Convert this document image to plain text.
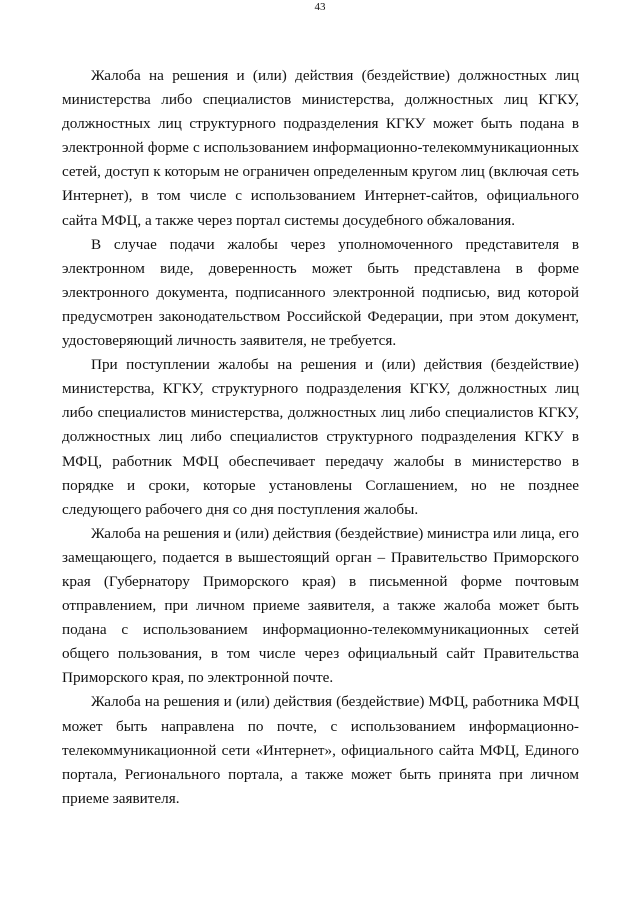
43

Жалоба на решения и (или) действия (бездействие) должностных лиц министерства либо специалистов министерства, должностных лиц КГКУ, должностных лиц структурного подразделения КГКУ может быть подана в электронной форме с использованием информационно-телекоммуникационных сетей, доступ к которым не ограничен определенным кругом лиц (включая сеть Интернет), в том числе с использованием Интернет-сайтов, официального сайта МФЦ, а также через портал системы досудебного обжалования.

В случае подачи жалобы через уполномоченного представителя в электронном виде, доверенность может быть представлена в форме электронного документа, подписанного электронной подписью, вид которой предусмотрен законодательством Российской Федерации, при этом документ, удостоверяющий личность заявителя, не требуется.

При поступлении жалобы на решения и (или) действия (бездействие) министерства, КГКУ, структурного подразделения КГКУ, должностных лиц либо специалистов министерства, должностных лиц либо специалистов КГКУ, должностных лиц либо специалистов структурного подразделения КГКУ в МФЦ, работник МФЦ обеспечивает передачу жалобы в министерство в порядке и сроки, которые установлены Соглашением, но не позднее следующего рабочего дня со дня поступления жалобы.

Жалоба на решения и (или) действия (бездействие) министра или лица, его замещающего, подается в вышестоящий орган – Правительство Приморского края (Губернатору Приморского края) в письменной форме почтовым отправлением, при личном приеме заявителя, а также жалоба может быть подана с использованием информационно-телекоммуникационных сетей общего пользования, в том числе через официальный сайт Правительства Приморского края, по электронной почте.

Жалоба на решения и (или) действия (бездействие) МФЦ, работника МФЦ может быть направлена по почте, с использованием информационно-телекоммуникационной сети «Интернет», официального сайта МФЦ, Единого портала, Регионального портала, а также может быть принята при личном приеме заявителя.
